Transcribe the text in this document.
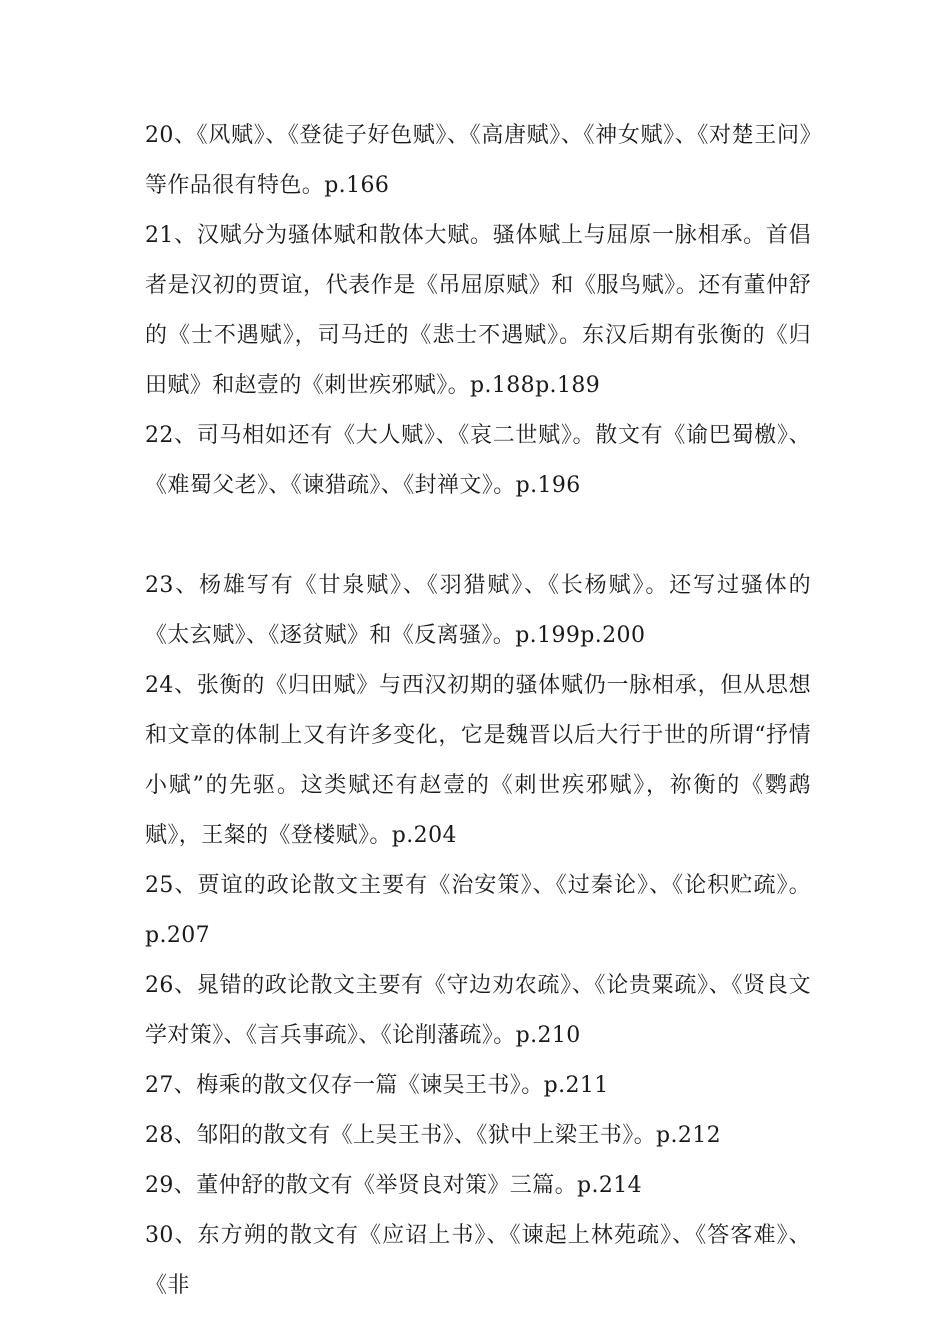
20、《风赋》、《登徒子好色赋》、《高唐赋》、《神女赋》、《对楚王问》等作品很有特色。p.166

21、汉赋分为骚体赋和散体大赋。骚体赋上与屈原一脉相承。首倡者是汉初的贾谊，代表作是《吊屈原赋》和《服鸟赋》。还有董仲舒的《士不遇赋》，司马迁的《悲士不遇赋》。东汉后期有张衡的《归田赋》和赵壹的《刺世疾邪赋》。p.188p.189

22、司马相如还有《大人赋》、《哀二世赋》。散文有《谕巴蜀檄》、《难蜀父老》、《谏猎疏》、《封禅文》。p.196

23、杨雄写有《甘泉赋》、《羽猎赋》、《长杨赋》。还写过骚体的《太玄赋》、《逐贫赋》和《反离骚》。p.199p.200

24、张衡的《归田赋》与西汉初期的骚体赋仍一脉相承，但从思想和文章的体制上又有许多变化，它是魏晋以后大行于世的所谓“抒情小赋”的先驱。这类赋还有赵壹的《刺世疾邪赋》，祢衡的《鹦鹉赋》，王粲的《登楼赋》。p.204

25、贾谊的政论散文主要有《治安策》、《过秦论》、《论积贮疏》。p.207

26、晁错的政论散文主要有《守边劝农疏》、《论贵粟疏》、《贤良文学对策》、《言兵事疏》、《论削藩疏》。p.210

27、梅乘的散文仅存一篇《谏吴王书》。p.211

28、邹阳的散文有《上吴王书》、《狱中上梁王书》。p.212

29、董仲舒的散文有《举贤良对策》三篇。p.214

30、东方朔的散文有《应诏上书》、《谏起上林苑疏》、《答客难》、《非
